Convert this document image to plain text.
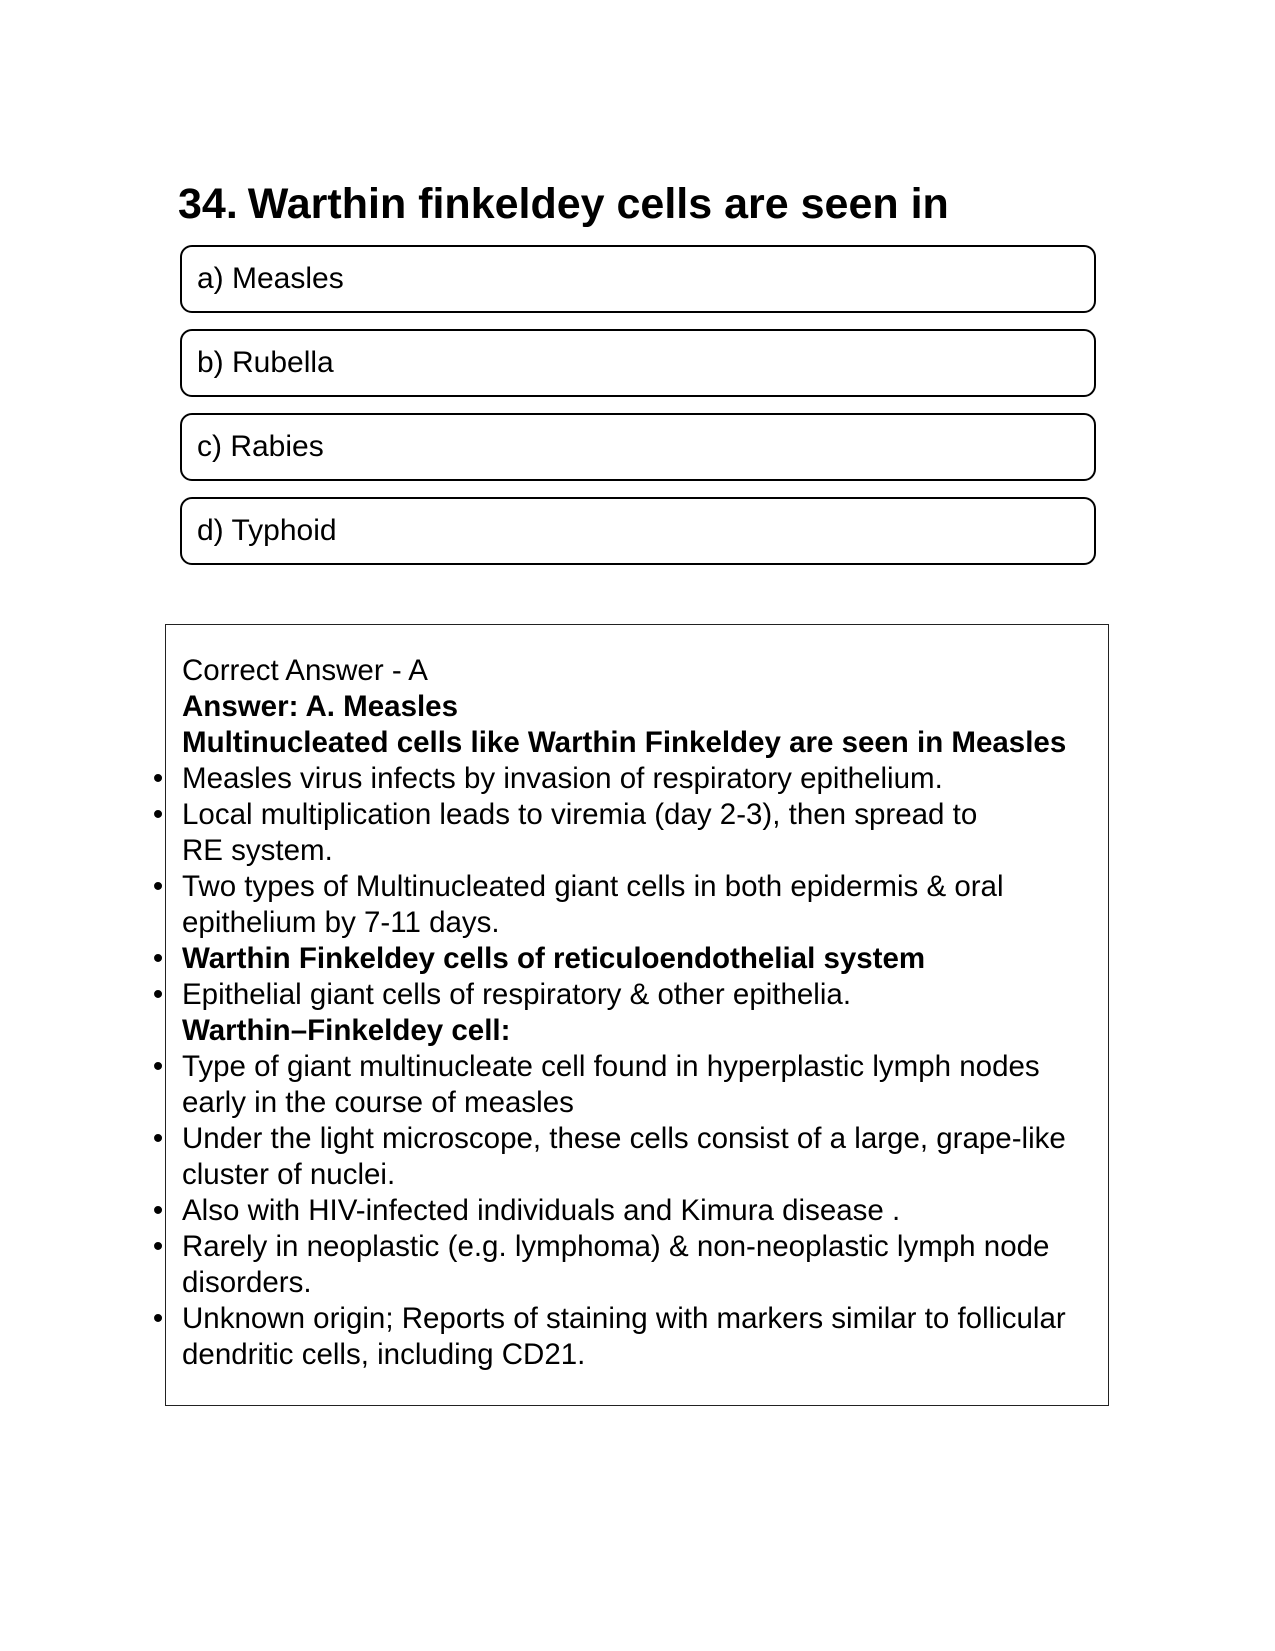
34. Warthin finkeldey cells are seen in
a) Measles
b) Rubella
c) Rabies
d) Typhoid
Correct Answer - A
Answer: A. Measles
Multinucleated cells like Warthin Finkeldey are seen in Measles
• Measles virus infects by invasion of respiratory epithelium.
• Local multiplication leads to viremia (day 2-3), then spread to RE system.
• Two types of Multinucleated giant cells in both epidermis & oral epithelium by 7-11 days.
• Warthin Finkeldey cells of reticuloendothelial system
• Epithelial giant cells of respiratory & other epithelia.
Warthin–Finkeldey cell:
• Type of giant multinucleate cell found in hyperplastic lymph nodes early in the course of measles
• Under the light microscope, these cells consist of a large, grape-like cluster of nuclei.
• Also with HIV-infected individuals and Kimura disease .
• Rarely in neoplastic (e.g. lymphoma) & non-neoplastic lymph node disorders.
• Unknown origin; Reports of staining with markers similar to follicular dendritic cells, including CD21.
